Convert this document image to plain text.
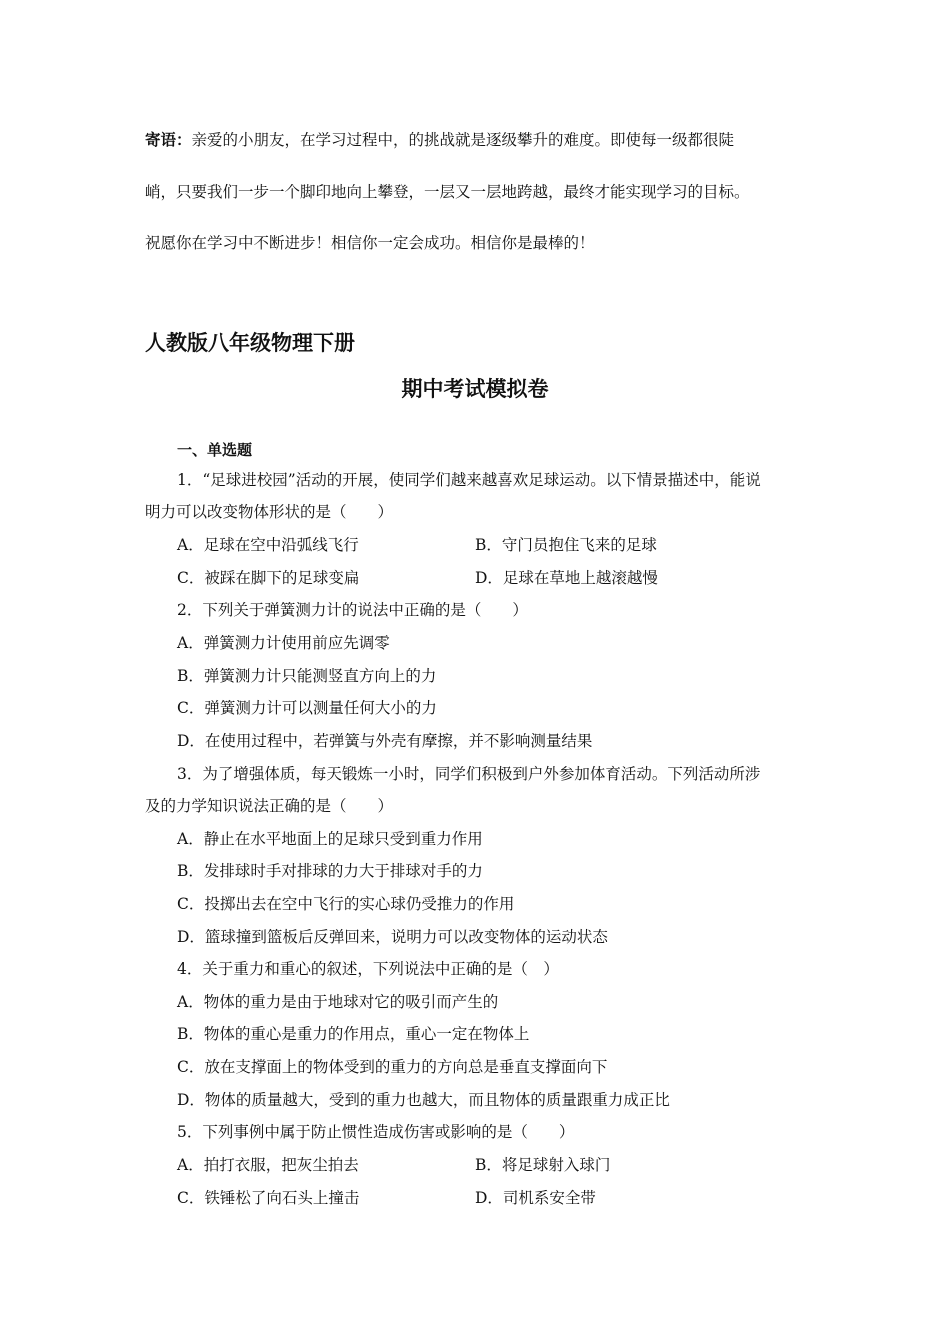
寄语：亲爱的小朋友，在学习过程中，的挑战就是逐级攀升的难度。即使每一级都很陡
峭，只要我们一步一个脚印地向上攀登，一层又一层地跨越，最终才能实现学习的目标。
祝愿你在学习中不断进步！相信你一定会成功。相信你是最棒的！
人教版八年级物理下册
期中考试模拟卷
一、单选题
1．“足球进校园”活动的开展，使同学们越来越喜欢足球运动。以下情景描述中，能说
明力可以改变物体形状的是（　　）
A．足球在空中沿弧线飞行	B．守门员抱住飞来的足球
C．被踩在脚下的足球变扁	D．足球在草地上越滚越慢
2．下列关于弹簧测力计的说法中正确的是（　　）
A．弹簧测力计使用前应先调零
B．弹簧测力计只能测竖直方向上的力
C．弹簧测力计可以测量任何大小的力
D．在使用过程中，若弹簧与外壳有摩擦，并不影响测量结果
3．为了增强体质，每天锻炼一小时，同学们积极到户外参加体育活动。下列活动所涉
及的力学知识说法正确的是（　　）
A．静止在水平地面上的足球只受到重力作用
B．发排球时手对排球的力大于排球对手的力
C．投掷出去在空中飞行的实心球仍受推力的作用
D．篮球撞到篮板后反弹回来，说明力可以改变物体的运动状态
4．关于重力和重心的叙述，下列说法中正确的是（　）
A．物体的重力是由于地球对它的吸引而产生的
B．物体的重心是重力的作用点，重心一定在物体上
C．放在支撑面上的物体受到的重力的方向总是垂直支撑面向下
D．物体的质量越大，受到的重力也越大，而且物体的质量跟重力成正比
5．下列事例中属于防止惯性造成伤害或影响的是（　　）
A．拍打衣服，把灰尘拍去	B．将足球射入球门
C．铁锤松了向石头上撞击	D．司机系安全带
